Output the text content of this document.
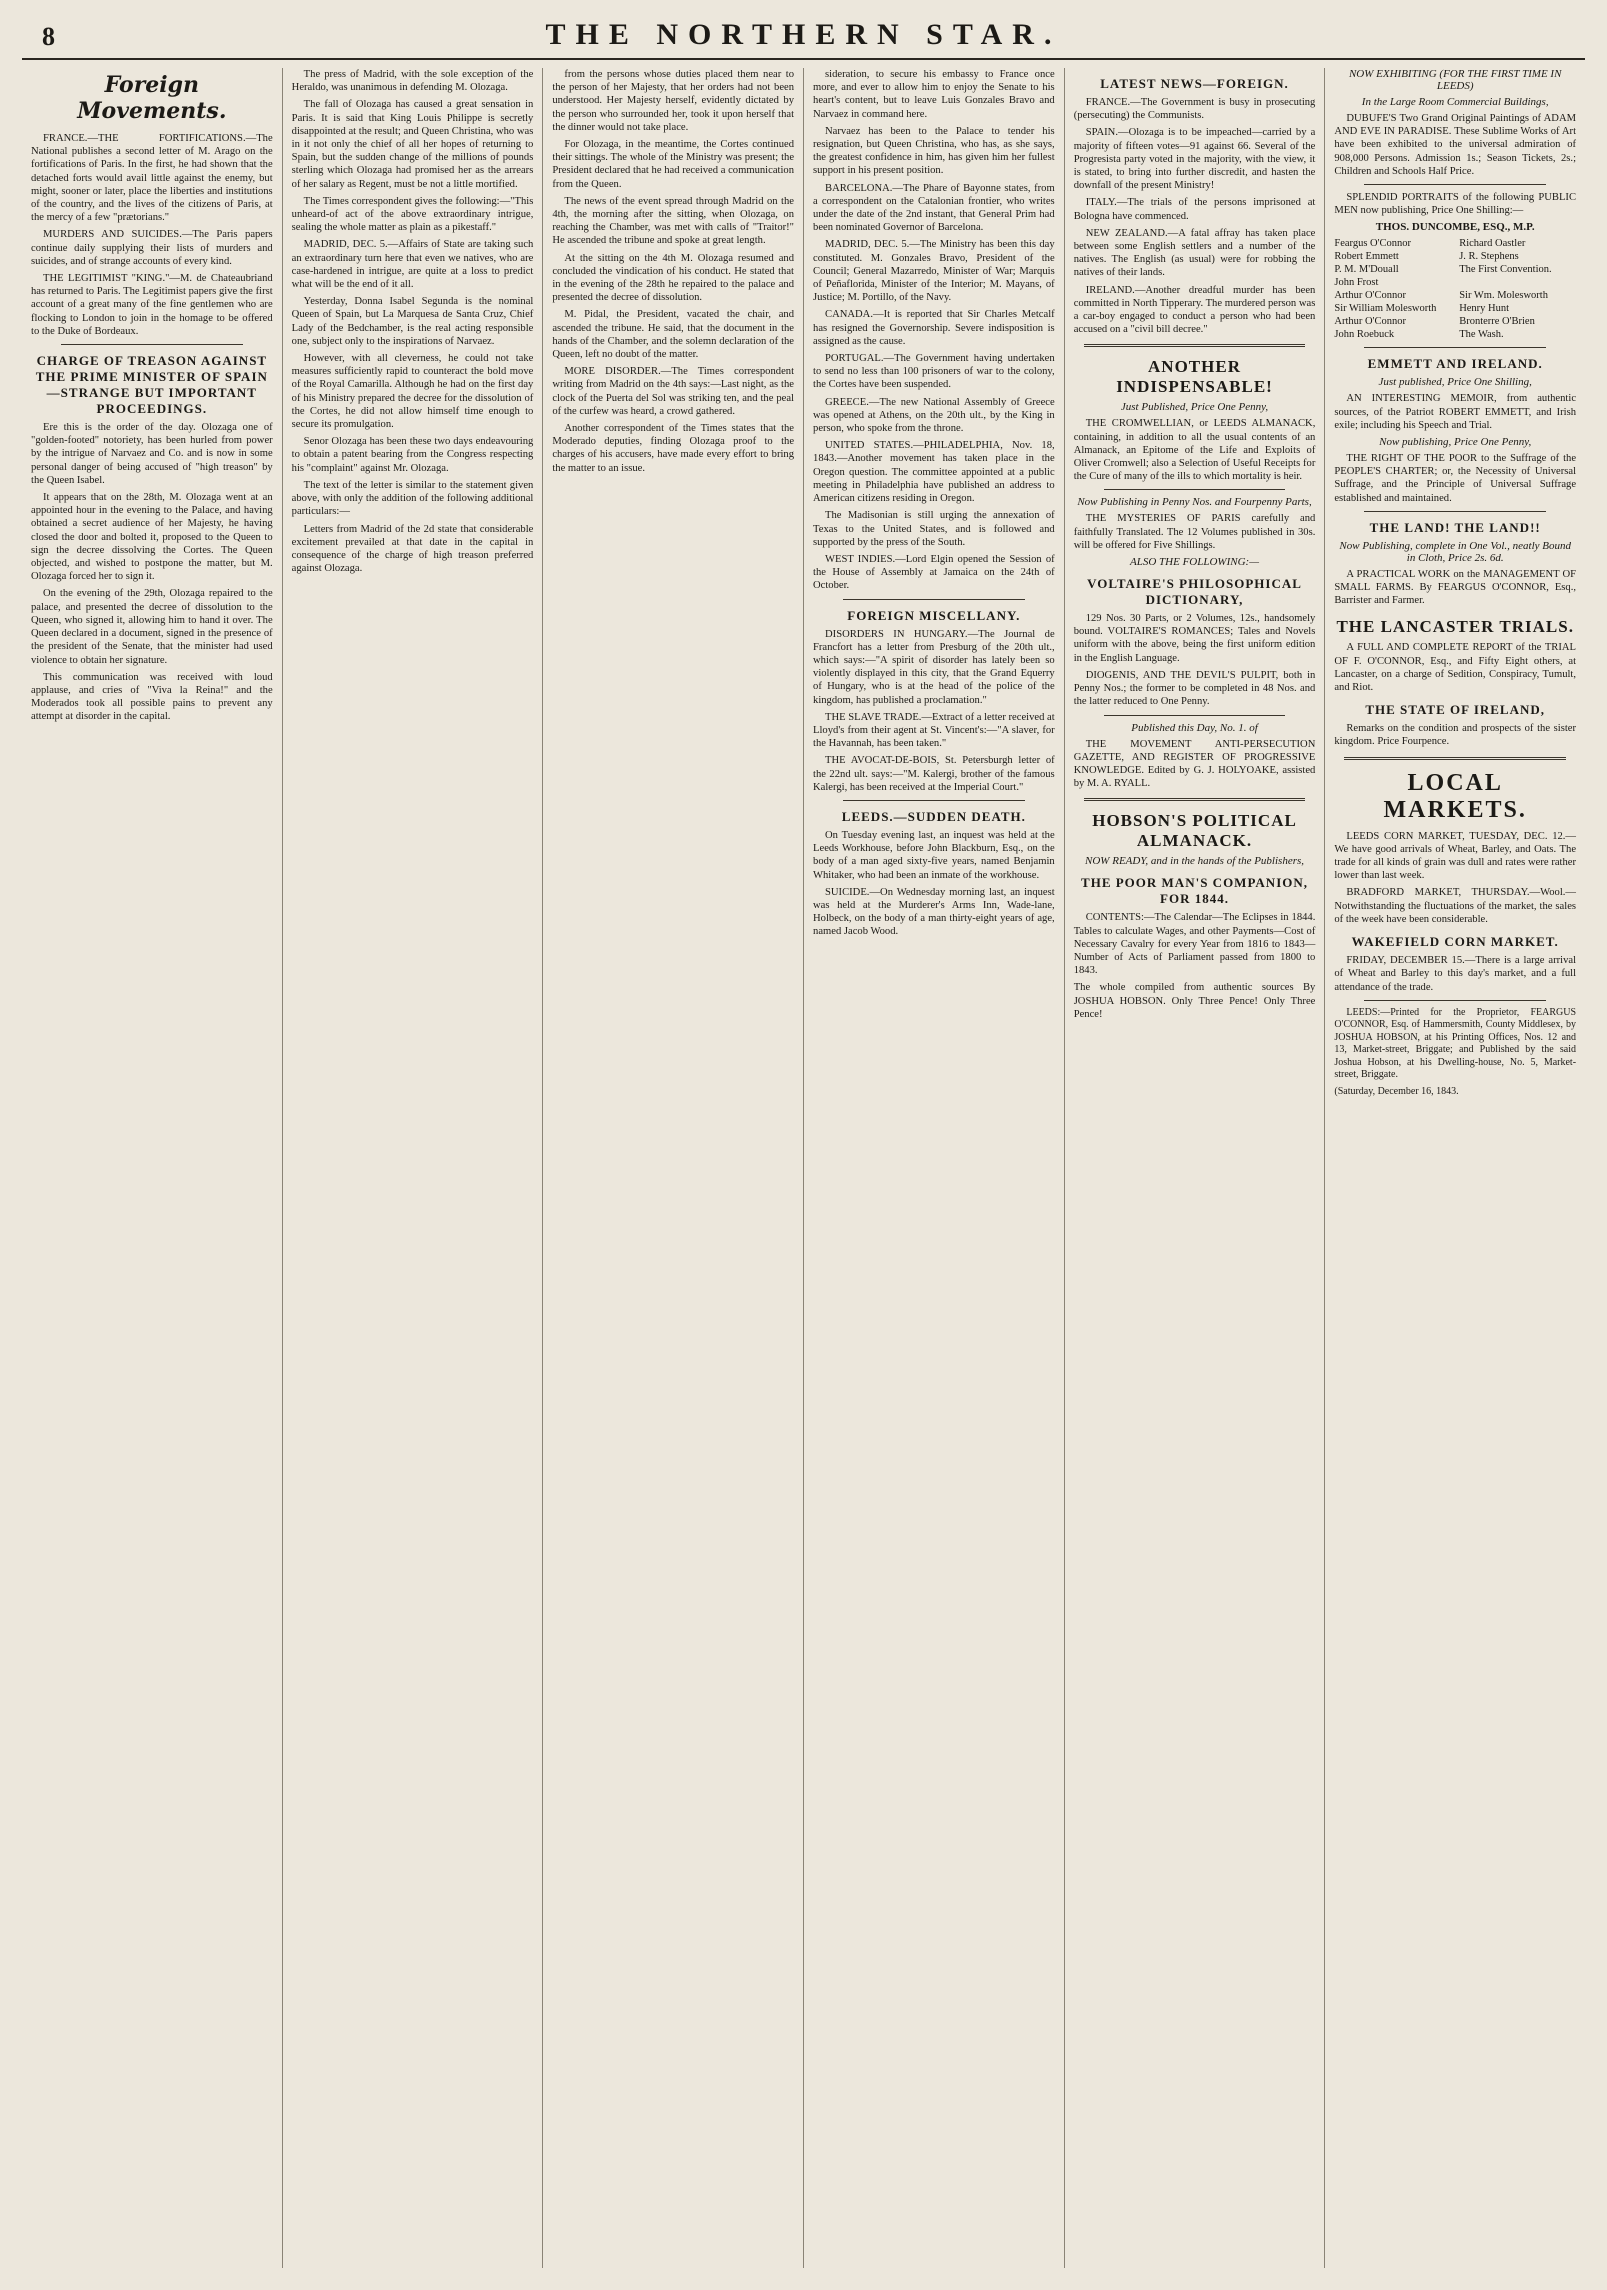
8	THE NORTHERN STAR.
Foreign Movements.

FRANCE.—THE FORTIFICATIONS.—The National publishes a second letter of M. Arago on the fortifications of Paris. In the first, he had shown that the detached forts would avail little against the enemy, but might, sooner or later, place the liberties and institutions of the country, and the lives of the citizens of Paris, at the mercy of a few "prætorians."

MURDERS AND SUICIDES.—The Paris papers continue daily supplying their lists of murders and suicides, and of strange accounts of every kind.

THE LEGITIMIST "KING."—M. de Chateaubriand has returned to Paris. The Legitimist papers give the first account of a great many of the fine gentlemen who are flocking to London to join in the homage to be offered to the Duke of Bordeaux.

CHARGE OF TREASON AGAINST THE PRIME MINISTER OF SPAIN—STRANGE BUT IMPORTANT PROCEEDINGS.

Ere this is the order of the day. Olozaga one of "golden-footed" notoriety, has been hurled from power by the intrigue of Narvaez and Co. and is now in some personal danger of being accused of "high treason" by the Queen Isabel.

It appears that on the 28th, M. Olozaga went at an appointed hour in the evening to the Palace, and having obtained a secret audience of her Majesty, he having closed the door and bolted it, proposed to the Queen to sign the decree dissolving the Cortes. The Queen objected, and wished to postpone the matter, but M. Olozaga forced her to sign it.

On the evening of the 29th, Olozaga repaired to the palace, and presented the decree of dissolution to the Queen, who signed it, allowing him to hand it over. The Queen declared in a document, signed in the presence of the president of the Senate, that the minister had used violence to obtain her signature.

This communication was received with loud applause, and cries of "Viva la Reina!" and the Moderados took all possible pains to prevent any attempt at disorder in the capital.

The press of Madrid, with the sole exception of the Heraldo, was unanimous in defending M. Olozaga.

The fall of Olozaga has caused a great sensation in Paris. It is said that King Louis Philippe is secretly disappointed at the result; and Queen Christina, who was in it not only the chief of all her hopes of returning to Spain, but the sudden change of the millions of pounds sterling which Olozaga had promised her as the arrears of her salary as Regent, must be not a little mortified.

The Times correspondent gives the following:—"This unheard-of act of the above extraordinary intrigue, sealing the whole matter as plain as a pikestaff."

MADRID, DEC. 5.—Affairs of State are taking such an extraordinary turn here that even we natives, who are case-hardened in intrigue, are quite at a loss to predict what will be the end of it all.

Yesterday, Donna Isabel Segunda is the nominal Queen of Spain, but La Marquesa de Santa Cruz, Chief Lady of the Bedchamber, is the real acting responsible one, subject only to the inspirations of Narvaez.

However, with all cleverness, he could not take measures sufficiently rapid to counteract the bold move of the Royal Camarilla. Although he had on the first day of his Ministry prepared the decree for the dissolution of the Cortes, he did not allow himself time enough to secure its promulgation.

Senor Olozaga has been these two days endeavouring to obtain a patent bearing from the Congress respecting his "complaint" against Mr. Olozaga.

The text of the letter is similar to the statement given above, with only the addition of the following additional particulars:—

Letters from Madrid of the 2d state that considerable excitement prevailed at that date in the capital in consequence of the charge of high treason preferred against Olozaga.

from the persons whose duties placed them near to the person of her Majesty, that her orders had not been understood. Her Majesty herself, evidently dictated by the person who surrounded her, took it upon herself that the dinner would not take place.

For Olozaga, in the meantime, the Cortes continued their sittings. The whole of the Ministry was present; the President declared that he had received a communication from the Queen.

The news of the event spread through Madrid on the 4th, the morning after the sitting, when Olozaga, on reaching the Chamber, was met with calls of "Traitor!" He ascended the tribune and spoke at great length.

At the sitting on the 4th M. Olozaga resumed and concluded the vindication of his conduct. He stated that in the evening of the 28th he repaired to the palace and presented the decree of dissolution.

M. Pidal, the President, vacated the chair, and ascended the tribune. He said, that the document in the hands of the Chamber, and the solemn declaration of the Queen, left no doubt of the matter.

MORE DISORDER.—The Times correspondent writing from Madrid on the 4th says:—Last night, as the clock of the Puerta del Sol was striking ten, and the peal of the curfew was heard, a crowd gathered.

Another correspondent of the Times states that the Moderado deputies, finding Olozaga proof to the charges of his accusers, have made every effort to bring the matter to an issue.

sideration, to secure his embassy to France once more, and ever to allow him to enjoy the Senate to his heart's content, but to leave Luis Gonzales Bravo and Narvaez in command here.

Narvaez has been to the Palace to tender his resignation, but Queen Christina, who has, as she says, the greatest confidence in him, has given him her fullest support in his present position.

BARCELONA.—The Phare of Bayonne states, from a correspondent on the Catalonian frontier, who writes under the date of the 2nd instant, that General Prim had been nominated Governor of Barcelona.

MADRID, DEC. 5.—The Ministry has been this day constituted. M. Gonzales Bravo, President of the Council; General Mazarredo, Minister of War; Marquis of Peñaflorida, Minister of the Interior; M. Mayans, of Justice; M. Portillo, of the Navy.

CANADA.—It is reported that Sir Charles Metcalf has resigned the Governorship. Severe indisposition is assigned as the cause.

PORTUGAL.—The Government having undertaken to send no less than 100 prisoners of war to the colony, the Cortes have been suspended.

GREECE.—The new National Assembly of Greece was opened at Athens, on the 20th ult., by the King in person, who spoke from the throne.

UNITED STATES.—PHILADELPHIA, Nov. 18, 1843.—Another movement has taken place in the Oregon question. The committee appointed at a public meeting in Philadelphia have published an address to American citizens residing in Oregon.

The Madisonian is still urging the annexation of Texas to the United States, and is followed and supported by the press of the South.

WEST INDIES.—Lord Elgin opened the Session of the House of Assembly at Jamaica on the 24th of October.

FOREIGN MISCELLANY.

DISORDERS IN HUNGARY.—The Journal de Francfort has a letter from Presburg of the 20th ult., which says:—"A spirit of disorder has lately been so violently displayed in this city, that the Grand Equerry of Hungary, who is at the head of the police of the kingdom, has published a proclamation."

THE SLAVE TRADE.—Extract of a letter received at Lloyd's from their agent at St. Vincent's:—"A slaver, for the Havannah, has been taken."

THE AVOCAT-DE-BOIS, St. Petersburgh letter of the 22nd ult. says:—"M. Kalergi, brother of the famous Kalergi, has been received at the Imperial Court."

LEEDS.—SUDDEN DEATH.

On Tuesday evening last, an inquest was held at the Leeds Workhouse, before John Blackburn, Esq., on the body of a man aged sixty-five years, named Benjamin Whitaker, who had been an inmate of the workhouse.

SUICIDE.—On Wednesday morning last, an inquest was held at the Murderer's Arms Inn, Wade-lane, Holbeck, on the body of a man thirty-eight years of age, named Jacob Wood.

LATEST NEWS—FOREIGN.

FRANCE.—The Government is busy in prosecuting (persecuting) the Communists.

SPAIN.—Olozaga is to be impeached—carried by a majority of fifteen votes—91 against 66. Several of the Progresista party voted in the majority, with the view, it is stated, to bring into further discredit, and hasten the downfall of the present Ministry!

ITALY.—The trials of the persons imprisoned at Bologna have commenced.

NEW ZEALAND.—A fatal affray has taken place between some English settlers and a number of the natives. The English (as usual) were for robbing the natives of their lands.

IRELAND.—Another dreadful murder has been committed in North Tipperary. The murdered person was a car-boy engaged to conduct a person who had been accused on a "civil bill decree."

ANOTHER INDISPENSABLE!
Just Published, Price One Penny,

THE CROMWELLIAN, or LEEDS ALMANACK, containing, in addition to all the usual contents of an Almanack, an Epitome of the Life and Exploits of Oliver Cromwell; also a Selection of Useful Receipts for the Cure of many of the ills to which mortality is heir.

Now Publishing in Penny Nos. and Fourpenny Parts,

THE MYSTERIES OF PARIS carefully and faithfully Translated. The 12 Volumes published in 30s. will be offered for Five Shillings.

ALSO THE FOLLOWING:—
VOLTAIRE'S PHILOSOPHICAL DICTIONARY,

129 Nos. 30 Parts, or 2 Volumes, 12s., handsomely bound. VOLTAIRE'S ROMANCES; Tales and Novels uniform with the above, being the first uniform edition in the English Language.

DIOGENIS, AND THE DEVIL'S PULPIT, both in Penny Nos.; the former to be completed in 48 Nos. and the latter reduced to One Penny.

Published this Day, No. 1. of

THE MOVEMENT ANTI-PERSECUTION GAZETTE, AND REGISTER OF PROGRESSIVE KNOWLEDGE. Edited by G. J. HOLYOAKE, assisted by M. A. RYALL.

HOBSON'S POLITICAL ALMANACK.
NOW READY, and in the hands of the Publishers,
THE POOR MAN'S COMPANION, FOR 1844.

CONTENTS:—The Calendar—The Eclipses in 1844. Tables to calculate Wages, and other Payments—Cost of Necessary Cavalry for every Year from 1816 to 1843—Number of Acts of Parliament passed from 1800 to 1843.

The whole compiled from authentic sources By JOSHUA HOBSON. Only Three Pence! Only Three Pence!

NOW EXHIBITING (FOR THE FIRST TIME IN LEEDS)
In the Large Room Commercial Buildings,

DUBUFE'S Two Grand Original Paintings of ADAM AND EVE IN PARADISE. These Sublime Works of Art have been exhibited to the universal admiration of 908,000 Persons. Admission 1s.; Season Tickets, 2s.; Children and Schools Half Price.

SPLENDID PORTRAITS of the following PUBLIC MEN now publishing, Price One Shilling:—

THOS. DUNCOMBE, ESQ., M.P.
Feargus O'Connor	Richard Oastler
Robert Emmett	J. R. Stephens
P. M. M'Douall	The First Convention.
John Frost
Arthur O'Connor	Sir Wm. Molesworth
Sir William Molesworth	Henry Hunt
Arthur O'Connor	Bronterre O'Brien
John Roebuck	The Wash.
EMMETT AND IRELAND.
Just published, Price One Shilling,

AN INTERESTING MEMOIR, from authentic sources, of the Patriot ROBERT EMMETT, and Irish exile; including his Speech and Trial.

Now publishing, Price One Penny,

THE RIGHT OF THE POOR to the Suffrage of the PEOPLE'S CHARTER; or, the Necessity of Universal Suffrage, and the Principle of Universal Suffrage established and maintained.

THE LAND! THE LAND!!
Now Publishing, complete in One Vol., neatly Bound in Cloth, Price 2s. 6d.

A PRACTICAL WORK on the MANAGEMENT OF SMALL FARMS. By FEARGUS O'CONNOR, Esq., Barrister and Farmer.

THE LANCASTER TRIALS.

A FULL AND COMPLETE REPORT of the TRIAL OF F. O'CONNOR, Esq., and Fifty Eight others, at Lancaster, on a charge of Sedition, Conspiracy, Tumult, and Riot.

THE STATE OF IRELAND,

Remarks on the condition and prospects of the sister kingdom. Price Fourpence.

LOCAL MARKETS.

LEEDS CORN MARKET, TUESDAY, DEC. 12.—We have good arrivals of Wheat, Barley, and Oats. The trade for all kinds of grain was dull and rates were rather lower than last week.

BRADFORD MARKET, THURSDAY.—Wool.—Notwithstanding the fluctuations of the market, the sales of the week have been considerable.

WAKEFIELD CORN MARKET.

FRIDAY, DECEMBER 15.—There is a large arrival of Wheat and Barley to this day's market, and a full attendance of the trade.

LEEDS:—Printed for the Proprietor, FEARGUS O'CONNOR, Esq. of Hammersmith, County Middlesex, by JOSHUA HOBSON, at his Printing Offices, Nos. 12 and 13, Market-street, Briggate; and Published by the said Joshua Hobson, at his Dwelling-house, No. 5, Market-street, Briggate.

(Saturday, December 16, 1843.
